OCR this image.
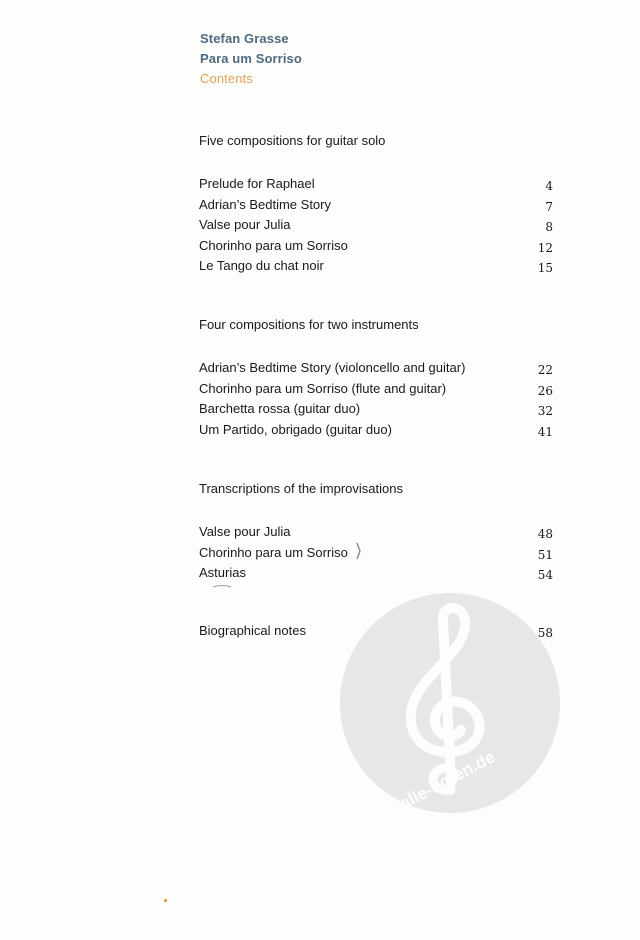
Stefan Grasse
Para um Sorriso
Contents
Five compositions for guitar solo
Prelude for Raphael	4
Adrian’s Bedtime Story	7
Valse pour Julia	8
Chorinho para um Sorriso	12
Le Tango du chat noir	15
Four compositions for two instruments
Adrian’s Bedtime Story (violoncello and guitar)	22
Chorinho para um Sorriso (flute and guitar)	26
Barchetta rossa (guitar duo)	32
Um Partido, obrigado (guitar duo)	41
Transcriptions of the improvisations
Valse pour Julia	48
Chorinho para um Sorriso	51
Asturias	54
Biographical notes	58
alle-noten.de
